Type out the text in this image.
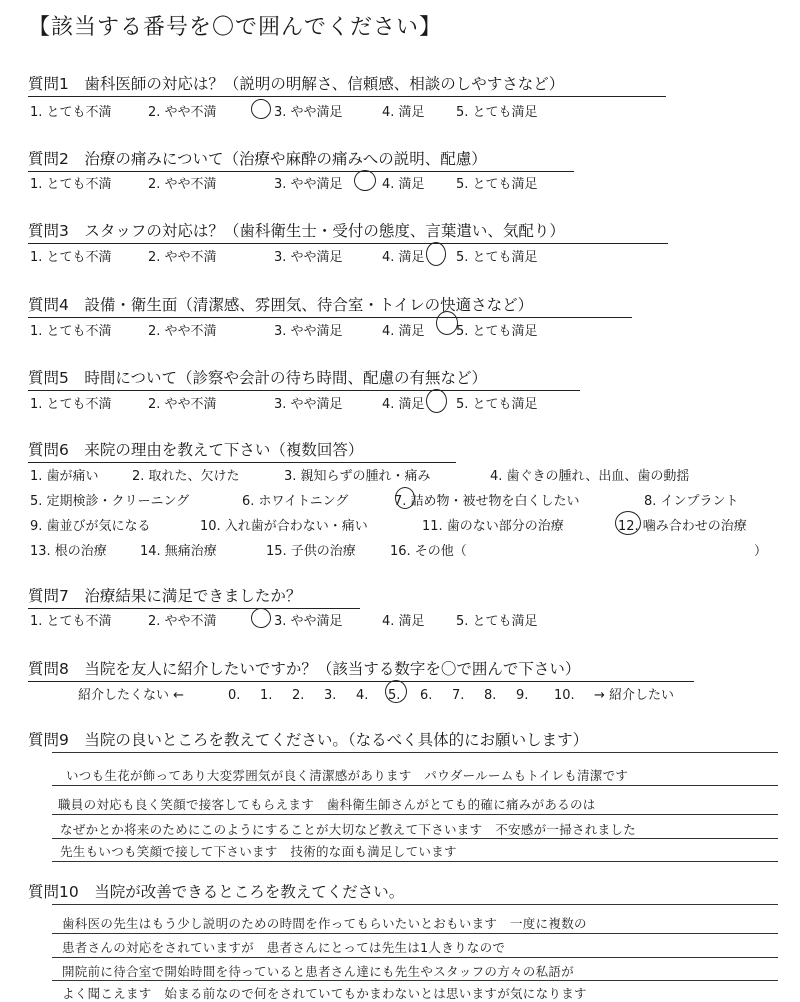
【該当する番号を〇で囲んでください】
質問1　歯科医師の対応は？（説明の明解さ、信頼感、相談のしやすさなど）
1. とても不満	2. やや不満	3. やや満足	4. 満足 5. とても満足
質問2　治療の痛みについて（治療や麻酔の痛みへの説明、配慮）
1. とても不満	2. やや不満	3. やや満足	4. 満足 5. とても満足
質問3　スタッフの対応は？（歯科衛生士・受付の態度、言葉遣い、気配り）
1. とても不満	2. やや不満	3. やや満足	4. 満足 5. とても満足
質問4　設備・衛生面（清潔感、雰囲気、待合室・トイレの快適さなど）
1. とても不満	2. やや不満	3. やや満足	4. 満足 5. とても満足
質問5　時間について（診察や会計の待ち時間、配慮の有無など）
1. とても不満	2. やや不満	3. やや満足	4. 満足 5. とても満足
質問6　来院の理由を教えて下さい（複数回答）
1. 歯が痛い	2. 取れた、欠けた	3. 親知らずの腫れ・痛み	4. 歯ぐきの腫れ、出血、歯の動揺
5. 定期検診・クリーニング	6. ホワイトニング	7. 詰め物・被せ物を白くしたい	8. インプラント
9. 歯並びが気になる	10. 入れ歯が合わない・痛い	11. 歯のない部分の治療	12. 噛み合わせの治療
13. 根の治療	14. 無痛治療	15. 子供の治療	16. その他（	）
質問7　治療結果に満足できましたか？
1. とても不満	2. やや不満	3. やや満足	4. 満足 5. とても満足
質問8　当院を友人に紹介したいですか？（該当する数字を〇で囲んで下さい）
紹介したくない ←	0. 1. 2. 3. 4. 5. 6. 7. 8. 9. 10. → 紹介したい
質問9　当院の良いところを教えてください。（なるべく具体的にお願いします）
いつも生花が飾ってあり大変雰囲気が良く清潔感があります　パウダールームもトイレも清潔です
職員の対応も良く笑顔で接客してもらえます　歯科衛生師さんがとても的確に痛みがあるのは
なぜかとか将来のためにこのようにすることが大切など教えて下さいます　不安感が一掃されました
先生もいつも笑顔で接して下さいます　技術的な面も満足しています
質問10　当院が改善できるところを教えてください。
歯科医の先生はもう少し説明のための時間を作ってもらいたいとおもいます　一度に複数の
患者さんの対応をされていますが　患者さんにとっては先生は1人きりなので
開院前に待合室で開始時間を待っていると患者さん達にも先生やスタッフの方々の私語が
よく聞こえます　始まる前なので何をされていてもかまわないとは思いますが気になります
